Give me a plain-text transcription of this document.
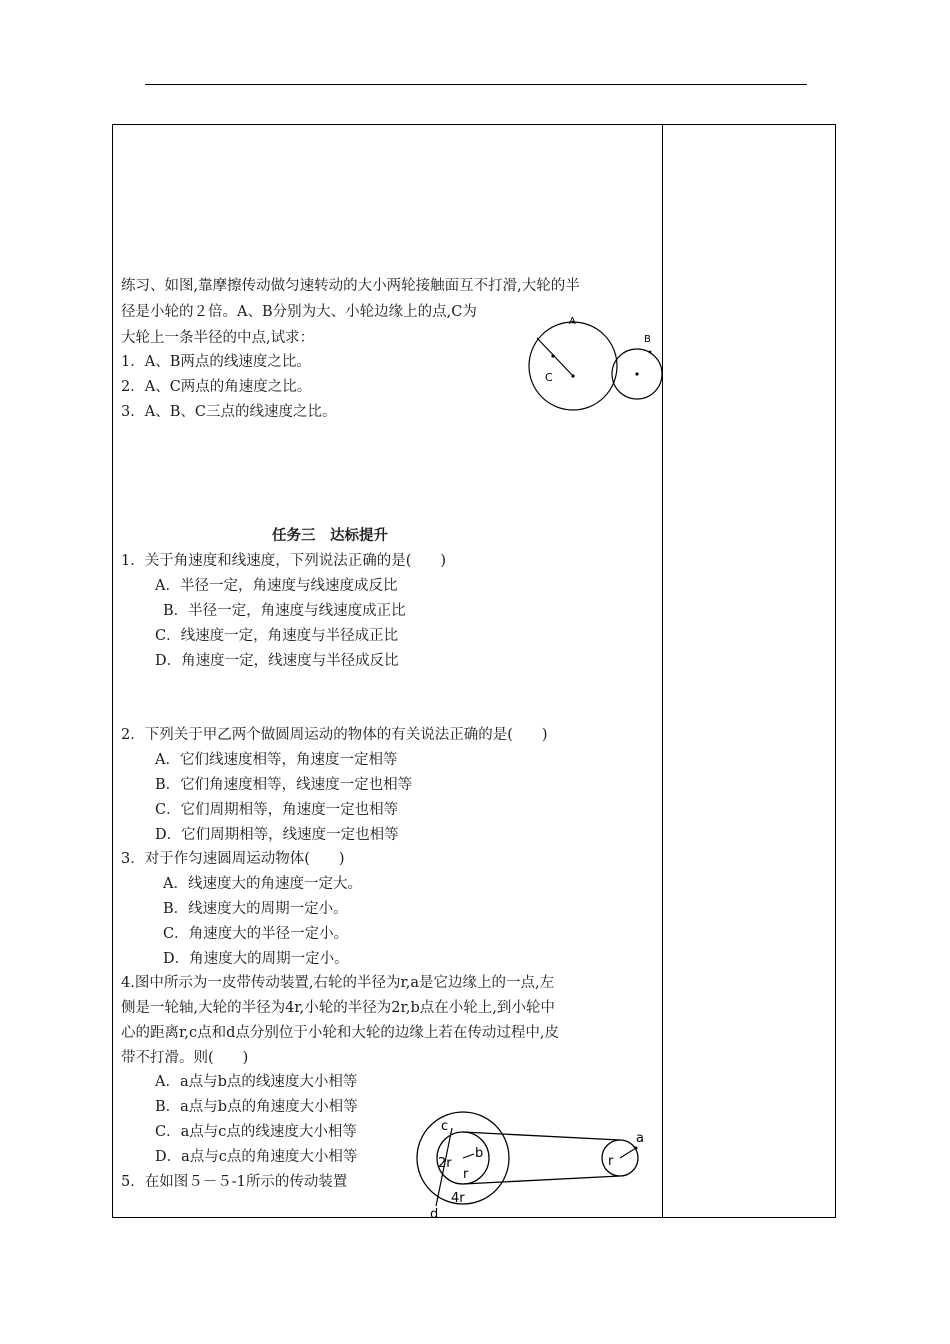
练习、如图,靠摩擦传动做匀速转动的大小两轮接触面互不打滑,大轮的半
径是小轮的２倍。A、B分别为大、小轮边缘上的点,C为
大轮上一条半径的中点,试求：
1．A、B两点的线速度之比。
2．A、C两点的角速度之比。
3．A、B、C三点的线速度之比。
A
B
C
任务三　达标提升
1．关于角速度和线速度，下列说法正确的是(　　)
A．半径一定，角速度与线速度成反比
B．半径一定，角速度与线速度成正比
C．线速度一定，角速度与半径成正比
D．角速度一定，线速度与半径成反比
2．下列关于甲乙两个做圆周运动的物体的有关说法正确的是(　　)
A．它们线速度相等，角速度一定相等
B．它们角速度相等，线速度一定也相等
C．它们周期相等，角速度一定也相等
D．它们周期相等，线速度一定也相等
3．对于作匀速圆周运动物体(　　)
A．线速度大的角速度一定大。
B．线速度大的周期一定小。
C．角速度大的半径一定小。
D．角速度大的周期一定小。
4.图中所示为一皮带传动装置,右轮的半径为r,a是它边缘上的一点,左
侧是一轮轴,大轮的半径为4r,小轮的半径为2r,b点在小轮上,到小轮中
心的距离r,c点和d点分别位于小轮和大轮的边缘上若在传动过程中,皮
带不打滑。则(　　)
A．a点与b点的线速度大小相等
B．a点与b点的角速度大小相等
C．a点与c点的线速度大小相等
D．a点与c点的角速度大小相等
5．在如图５－５-1所示的传动装置
c
2r
b
r
4r
d
a
r
